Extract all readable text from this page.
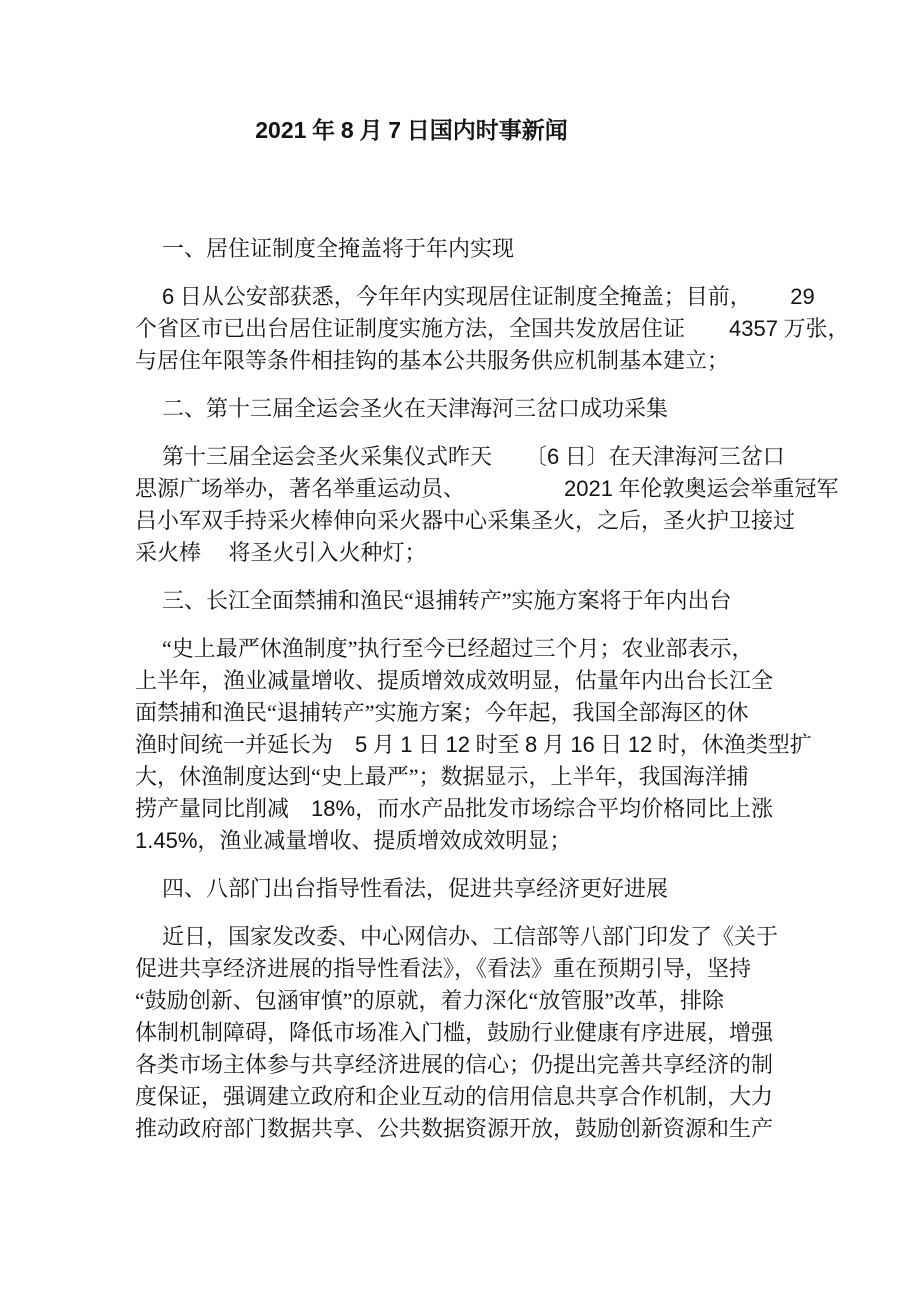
2021 年 8 月 7 日国内时事新闻
一、居住证制度全掩盖将于年内实现
6 日从公安部获悉，今年年内实现居住证制度全掩盖；目前，　　 29
个省区市已出台居住证制度实施方法，全国共发放居住证　　4357 万张，
与居住年限等条件相挂钩的基本公共服务供应机制基本建立；
二、第十三届全运会圣火在天津海河三岔口成功采集
第十三届全运会圣火采集仪式昨天　　〔6 日〕在天津海河三岔口
思源广场举办，著名举重运动员、　　　　　2021 年伦敦奥运会举重冠军
吕小军双手持采火棒伸向采火器中心采集圣火，之后，圣火护卫接过
采火棒　 将圣火引入火种灯；
三、长江全面禁捕和渔民“退捕转产”实施方案将于年内出台
“史上最严休渔制度”执行至今已经超过三个月；农业部表示，
上半年，渔业减量增收、提质增效成效明显，估量年内出台长江全
面禁捕和渔民“退捕转产”实施方案；今年起，我国全部海区的休
渔时间统一并延长为　5 月 1 日 12 时至 8 月 16 日 12 时，休渔类型扩
大，休渔制度达到“史上最严”；数据显示，上半年，我国海洋捕
捞产量同比削减　18%，而水产品批发市场综合平均价格同比上涨
1.45%，渔业减量增收、提质增效成效明显；
四、八部门出台指导性看法，促进共享经济更好进展
近日，国家发改委、中心网信办、工信部等八部门印发了《关于
促进共享经济进展的指导性看法》，《看法》重在预期引导，坚持
“鼓励创新、包涵审慎”的原就，着力深化“放管服”改革，排除
体制机制障碍，降低市场准入门槛，鼓励行业健康有序进展，增强
各类市场主体参与共享经济进展的信心；仍提出完善共享经济的制
度保证，强调建立政府和企业互动的信用信息共享合作机制，大力
推动政府部门数据共享、公共数据资源开放，鼓励创新资源和生产
